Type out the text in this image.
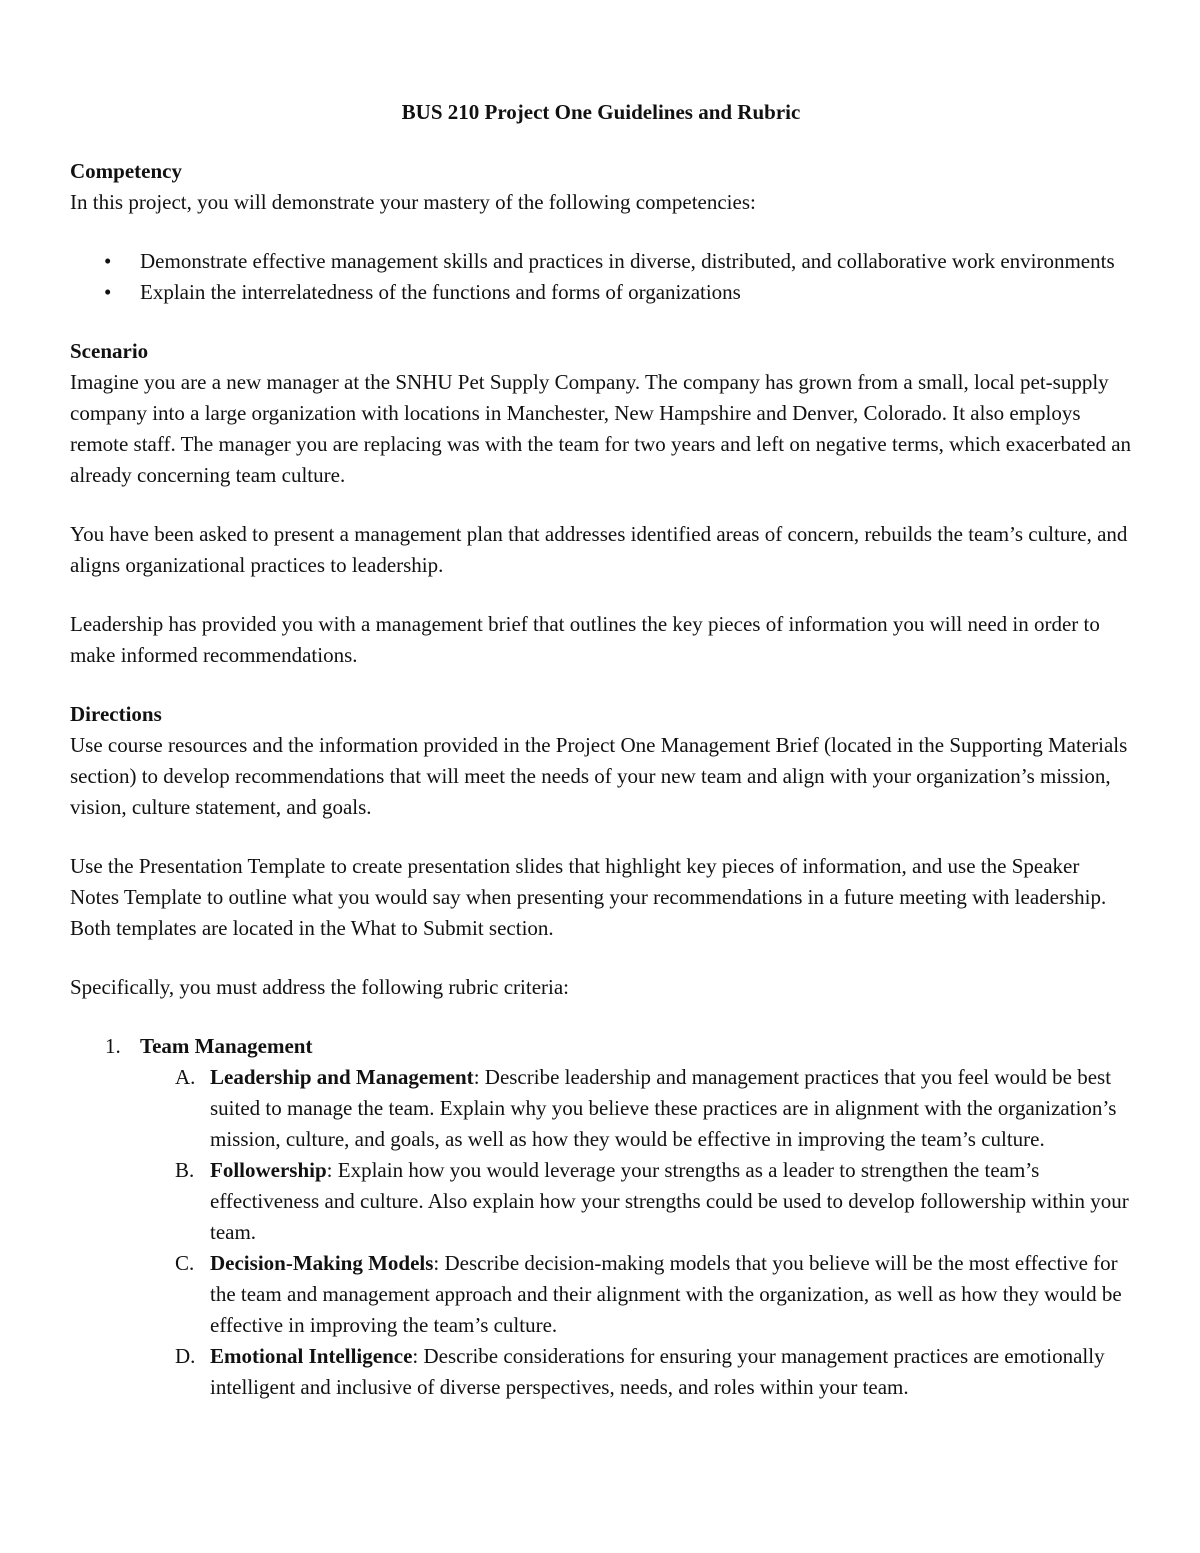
BUS 210 Project One Guidelines and Rubric
Competency

In this project, you will demonstrate your mastery of the following competencies:

• Demonstrate effective management skills and practices in diverse, distributed, and collaborative work environments
• Explain the interrelatedness of the functions and forms of organizations
Scenario

Imagine you are a new manager at the SNHU Pet Supply Company. The company has grown from a small, local pet-supply company into a large organization with locations in Manchester, New Hampshire and Denver, Colorado. It also employs remote staff. The manager you are replacing was with the team for two years and left on negative terms, which exacerbated an already concerning team culture.

You have been asked to present a management plan that addresses identified areas of concern, rebuilds the team’s culture, and aligns organizational practices to leadership.

Leadership has provided you with a management brief that outlines the key pieces of information you will need in order to make informed recommendations.

Directions

Use course resources and the information provided in the Project One Management Brief (located in the Supporting Materials section) to develop recommendations that will meet the needs of your new team and align with your organization’s mission, vision, culture statement, and goals.

Use the Presentation Template to create presentation slides that highlight key pieces of information, and use the Speaker Notes Template to outline what you would say when presenting your recommendations in a future meeting with leadership. Both templates are located in the What to Submit section.

Specifically, you must address the following rubric criteria:

1. Team Management
A. Leadership and Management: Describe leadership and management practices that you feel would be best suited to manage the team. Explain why you believe these practices are in alignment with the organization’s mission, culture, and goals, as well as how they would be effective in improving the team’s culture.
B. Followership: Explain how you would leverage your strengths as a leader to strengthen the team’s effectiveness and culture. Also explain how your strengths could be used to develop followership within your team.
C. Decision-Making Models: Describe decision-making models that you believe will be the most effective for the team and management approach and their alignment with the organization, as well as how they would be effective in improving the team’s culture.
D. Emotional Intelligence: Describe considerations for ensuring your management practices are emotionally intelligent and inclusive of diverse perspectives, needs, and roles within your team.
